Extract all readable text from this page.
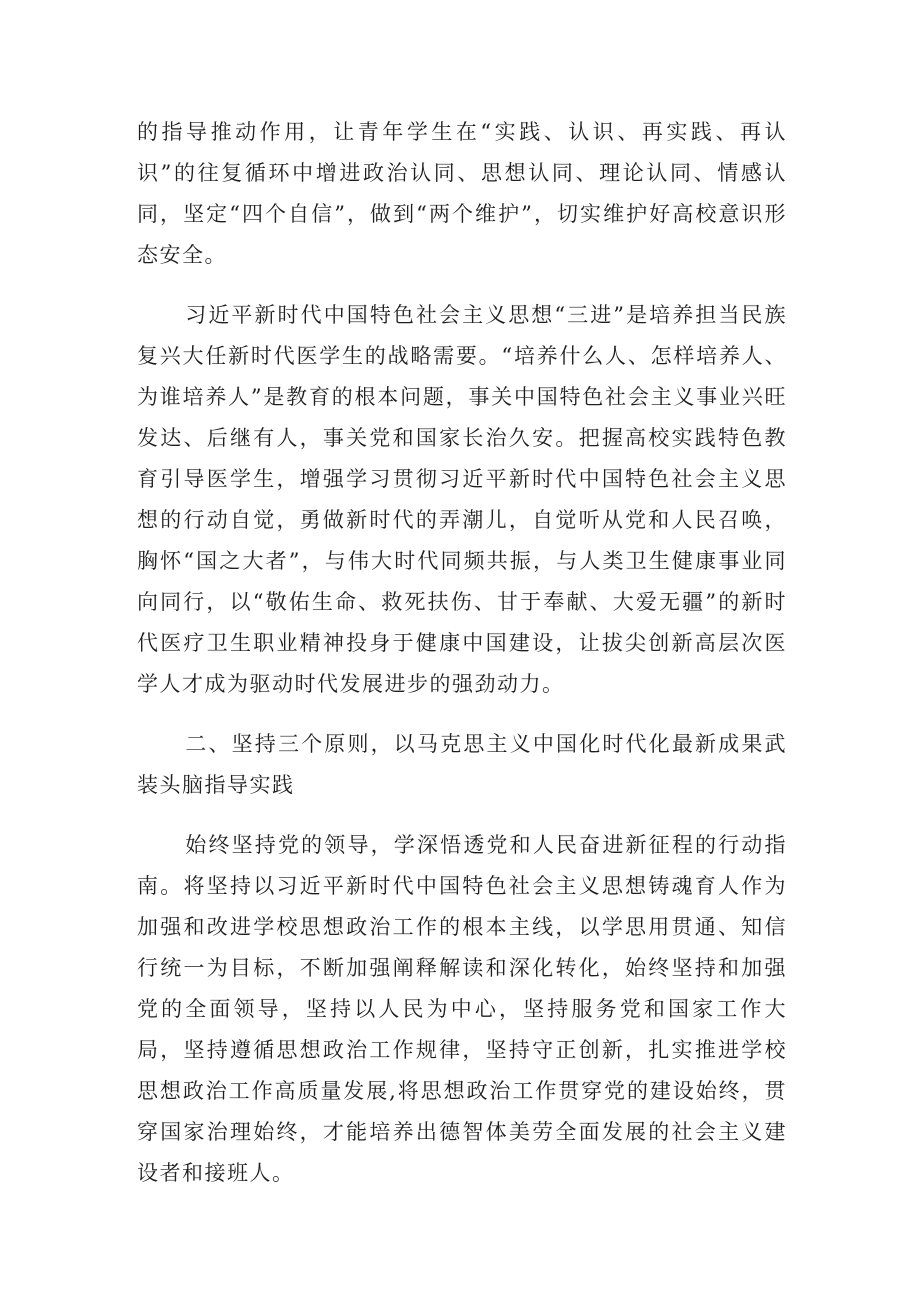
的指导推动作用，让青年学生在“实践、认识、再实践、再认识”的往复循环中增进政治认同、思想认同、理论认同、情感认同，坚定“四个自信”，做到“两个维护”，切实维护好高校意识形态安全。

习近平新时代中国特色社会主义思想“三进”是培养担当民族复兴大任新时代医学生的战略需要。“培养什么人、怎样培养人、为谁培养人”是教育的根本问题，事关中国特色社会主义事业兴旺发达、后继有人，事关党和国家长治久安。把握高校实践特色教育引导医学生，增强学习贯彻习近平新时代中国特色社会主义思想的行动自觉，勇做新时代的弄潮儿，自觉听从党和人民召唤，胸怀“国之大者”，与伟大时代同频共振，与人类卫生健康事业同向同行，以“敬佑生命、救死扶伤、甘于奉献、大爱无疆”的新时代医疗卫生职业精神投身于健康中国建设，让拔尖创新高层次医学人才成为驱动时代发展进步的强劲动力。

二、坚持三个原则，以马克思主义中国化时代化最新成果武装头脑指导实践

始终坚持党的领导，学深悟透党和人民奋进新征程的行动指南。将坚持以习近平新时代中国特色社会主义思想铸魂育人作为加强和改进学校思想政治工作的根本主线，以学思用贯通、知信行统一为目标，不断加强阐释解读和深化转化，始终坚持和加强党的全面领导，坚持以人民为中心，坚持服务党和国家工作大局，坚持遵循思想政治工作规律，坚持守正创新，扎实推进学校思想政治工作高质量发展,将思想政治工作贯穿党的建设始终，贯穿国家治理始终，才能培养出德智体美劳全面发展的社会主义建设者和接班人。
